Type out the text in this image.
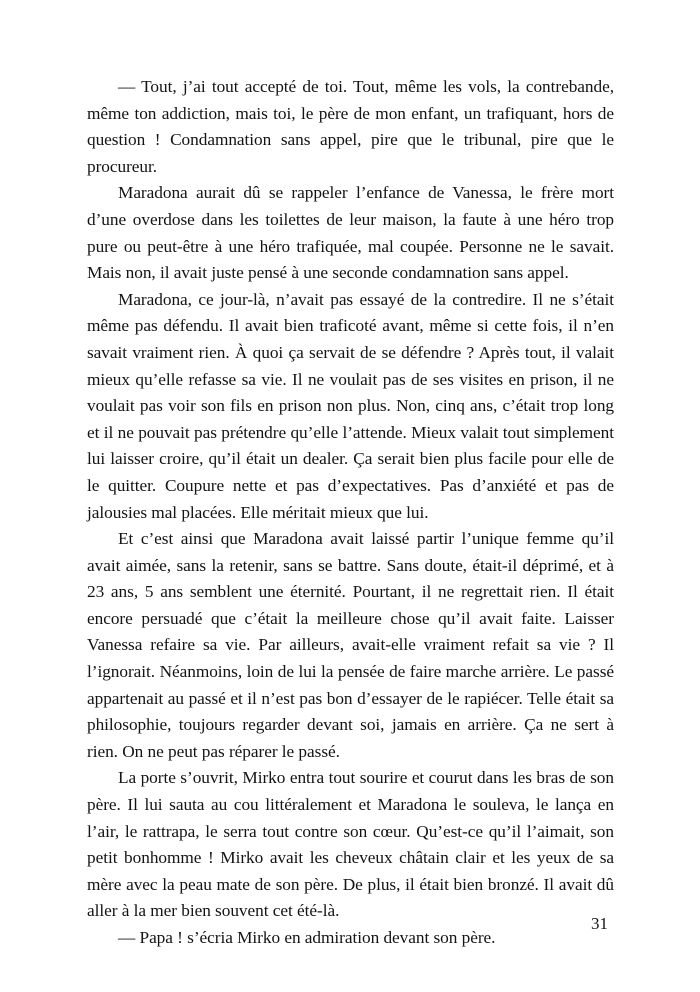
— Tout, j’ai tout accepté de toi. Tout, même les vols, la contrebande, même ton addiction, mais toi, le père de mon enfant, un trafiquant, hors de question ! Condamnation sans appel, pire que le tribunal, pire que le procureur.

Maradona aurait dû se rappeler l’enfance de Vanessa, le frère mort d’une overdose dans les toilettes de leur maison, la faute à une héro trop pure ou peut-être à une héro trafiquée, mal coupée. Personne ne le savait. Mais non, il avait juste pensé à une seconde condamnation sans appel.

Maradona, ce jour-là, n’avait pas essayé de la contredire. Il ne s’était même pas défendu. Il avait bien traficoté avant, même si cette fois, il n’en savait vraiment rien. À quoi ça servait de se défendre ? Après tout, il valait mieux qu’elle refasse sa vie. Il ne voulait pas de ses visites en prison, il ne voulait pas voir son fils en prison non plus. Non, cinq ans, c’était trop long et il ne pouvait pas prétendre qu’elle l’attende. Mieux valait tout simplement lui laisser croire, qu’il était un dealer. Ça serait bien plus facile pour elle de le quitter. Coupure nette et pas d’expectatives. Pas d’anxiété et pas de jalousies mal placées. Elle méritait mieux que lui.

Et c’est ainsi que Maradona avait laissé partir l’unique femme qu’il avait aimée, sans la retenir, sans se battre. Sans doute, était-il déprimé, et à 23 ans, 5 ans semblent une éternité. Pourtant, il ne regrettait rien. Il était encore persuadé que c’était la meilleure chose qu’il avait faite. Laisser Vanessa refaire sa vie. Par ailleurs, avait-elle vraiment refait sa vie ? Il l’ignorait. Néanmoins, loin de lui la pensée de faire marche arrière. Le passé appartenait au passé et il n’est pas bon d’essayer de le rapiécer. Telle était sa philosophie, toujours regarder devant soi, jamais en arrière. Ça ne sert à rien. On ne peut pas réparer le passé.

La porte s’ouvrit, Mirko entra tout sourire et courut dans les bras de son père. Il lui sauta au cou littéralement et Maradona le souleva, le lança en l’air, le rattrapa, le serra tout contre son cœur. Qu’est-ce qu’il l’aimait, son petit bonhomme ! Mirko avait les cheveux châtain clair et les yeux de sa mère avec la peau mate de son père. De plus, il était bien bronzé. Il avait dû aller à la mer bien souvent cet été-là.

— Papa ! s’écria Mirko en admiration devant son père.

31
